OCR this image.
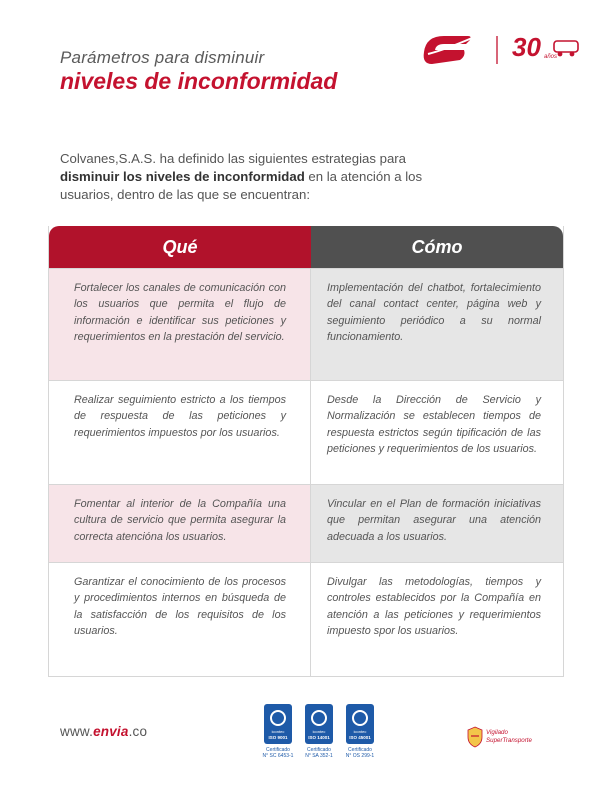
Parámetros para disminuir
niveles de inconformidad
30 años
Colvanes,S.A.S. ha definido las siguientes estrategias para disminuir los niveles de inconformidad en la atención a los usuarios, dentro de las que se encuentran:
Qué	Cómo
Fortalecer los canales de comunicación con los usuarios que permita el flujo de información e identificar sus peticiones y requerimientos en la prestación del servicio.
Implementación del chatbot, fortalecimiento del canal contact center, página web y seguimiento periódico a su normal funcionamiento.
Realizar seguimiento estricto a los tiempos de respuesta de las peticiones y requerimientos impuestos por los usuarios.
Desde la Dirección de Servicio y Normalización se establecen tiempos de respuesta estrictos según tipificación de las peticiones y requerimientos de los usuarios.
Fomentar al interior de la Compañía una cultura de servicio que permita asegurar la correcta atencióna los usuarios.
Vincular en el Plan de formación iniciativas que permitan asegurar una atención adecuada a los usuarios.
Garantizar el conocimiento de los procesos y procedimientos internos en búsqueda de la satisfacción de los requisitos de los usuarios.
Divulgar las metodologías, tiempos y controles establecidos por la Compañía en atención a las peticiones y requerimientos impuesto spor los usuarios.
www.envia.co	icontec
ISO 9001
Certificado
N° SC 6453-1
icontec
ISO 14001
Certificado
N° SA 352-1
icontec
ISO 45001
Certificado
N° OS 299-1
Vigilado
SuperTransporte
